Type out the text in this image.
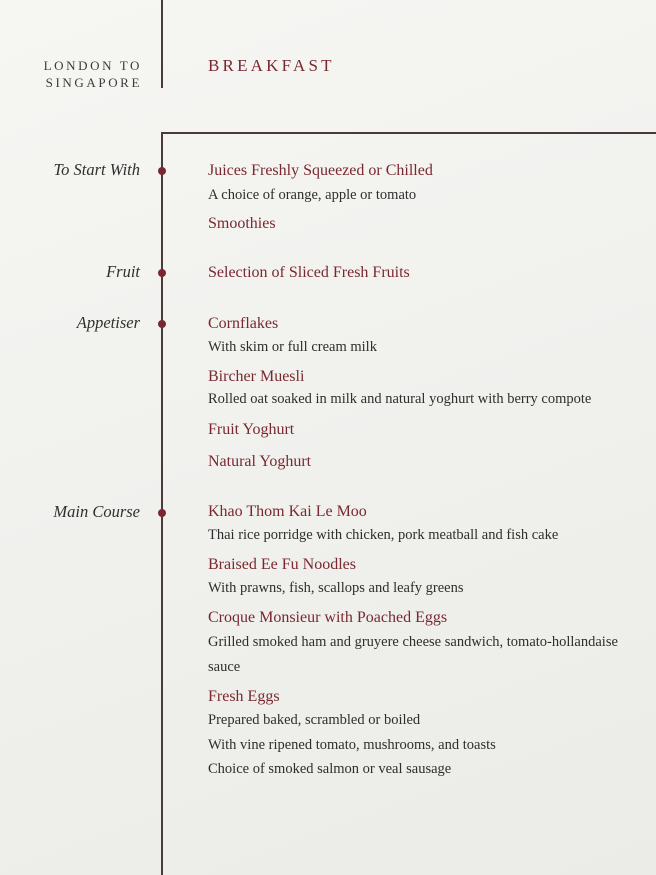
LONDON TO
SINGAPORE
BREAKFAST
To Start With	Juices Freshly Squeezed or Chilled
A choice of orange, apple or tomato
Smoothies
Fruit	Selection of Sliced Fresh Fruits
Appetiser	Cornflakes
With skim or full cream milk
Bircher Muesli
Rolled oat soaked in milk and natural yoghurt with berry compote
Fruit Yoghurt
Natural Yoghurt
Main Course	Khao Thom Kai Le Moo
Thai rice porridge with chicken, pork meatball and fish cake
Braised Ee Fu Noodles
With prawns, fish, scallops and leafy greens
Croque Monsieur with Poached Eggs
Grilled smoked ham and gruyere cheese sandwich, tomato-hollandaise
sauce
Fresh Eggs
Prepared baked, scrambled or boiled
With vine ripened tomato, mushrooms, and toasts
Choice of smoked salmon or veal sausage
